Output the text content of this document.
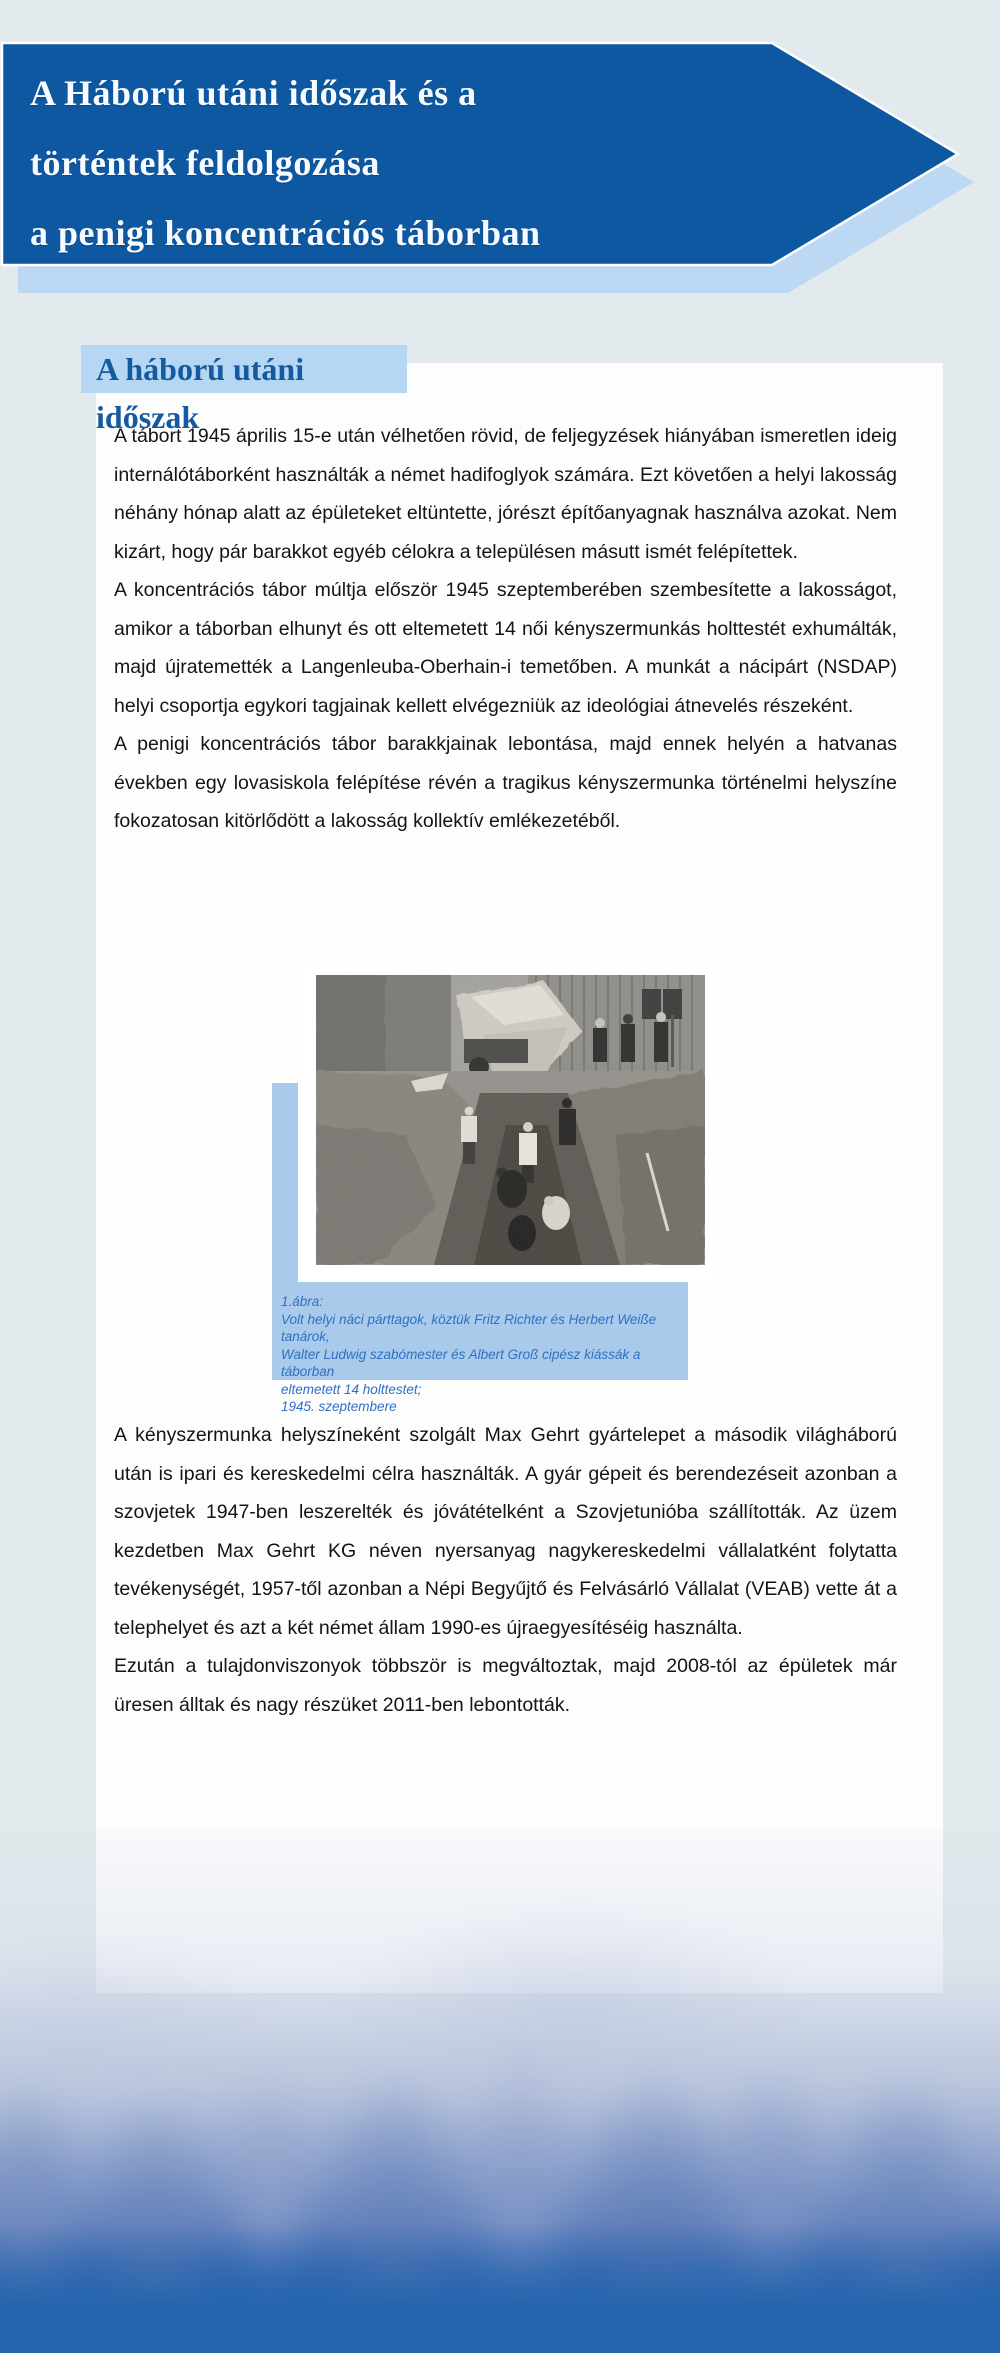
A Háború utáni időszak és a
történtek feldolgozása
a penigi koncentrációs táborban
A háború utáni időszak

A tábort 1945 április 15-e után vélhetően rövid, de feljegyzések hiányában ismeretlen ideig internálótáborként használták a német hadifoglyok számára. Ezt követően a helyi lakosság néhány hónap alatt az épületeket eltüntette, jórészt építőanyagnak használva azokat. Nem kizárt, hogy pár barakkot egyéb célokra a településen másutt ismét felépítettek.

A koncentrációs tábor múltja először 1945 szeptemberében szembesítette a lakosságot, amikor a táborban elhunyt és ott eltemetett 14 női kényszermunkás holttestét exhumálták, majd újratemették a Langenleuba-Oberhain-i temetőben. A munkát a nácipárt (NSDAP) helyi csoportja egykori tagjainak kellett elvégezniük az ideológiai átnevelés részeként.

A penigi koncentrációs tábor barakkjainak lebontása, majd ennek helyén a hatvanas években egy lovasiskola felépítése révén a tragikus kényszermunka történelmi helyszíne fokozatosan kitörlődött a lakosság kollektív emlékezetéből.

1.ábra:
Volt helyi náci párttagok, köztük Fritz Richter és Herbert Weiße tanárok,
Walter Ludwig szabómester és Albert Groß cipész kiássák a táborban
eltemetett 14 holttestet;
1945. szeptembere

A kényszermunka helyszíneként szolgált Max Gehrt gyártelepet a második világháború után is ipari és kereskedelmi célra használták. A gyár gépeit és berendezéseit azonban a szovjetek 1947-ben leszerelték és jóvátételként a Szovjetunióba szállították. Az üzem kezdetben Max Gehrt KG néven nyersanyag nagykereskedelmi vállalatként folytatta tevékenységét, 1957-től azonban a Népi Begyűjtő és Felvásárló Vállalat (VEAB) vette át a telephelyet és azt a két német állam 1990-es újraegyesítéséig használta.

Ezután a tulajdonviszonyok többször is megváltoztak, majd 2008-tól az épületek már üresen álltak és nagy részüket 2011-ben lebontották.
